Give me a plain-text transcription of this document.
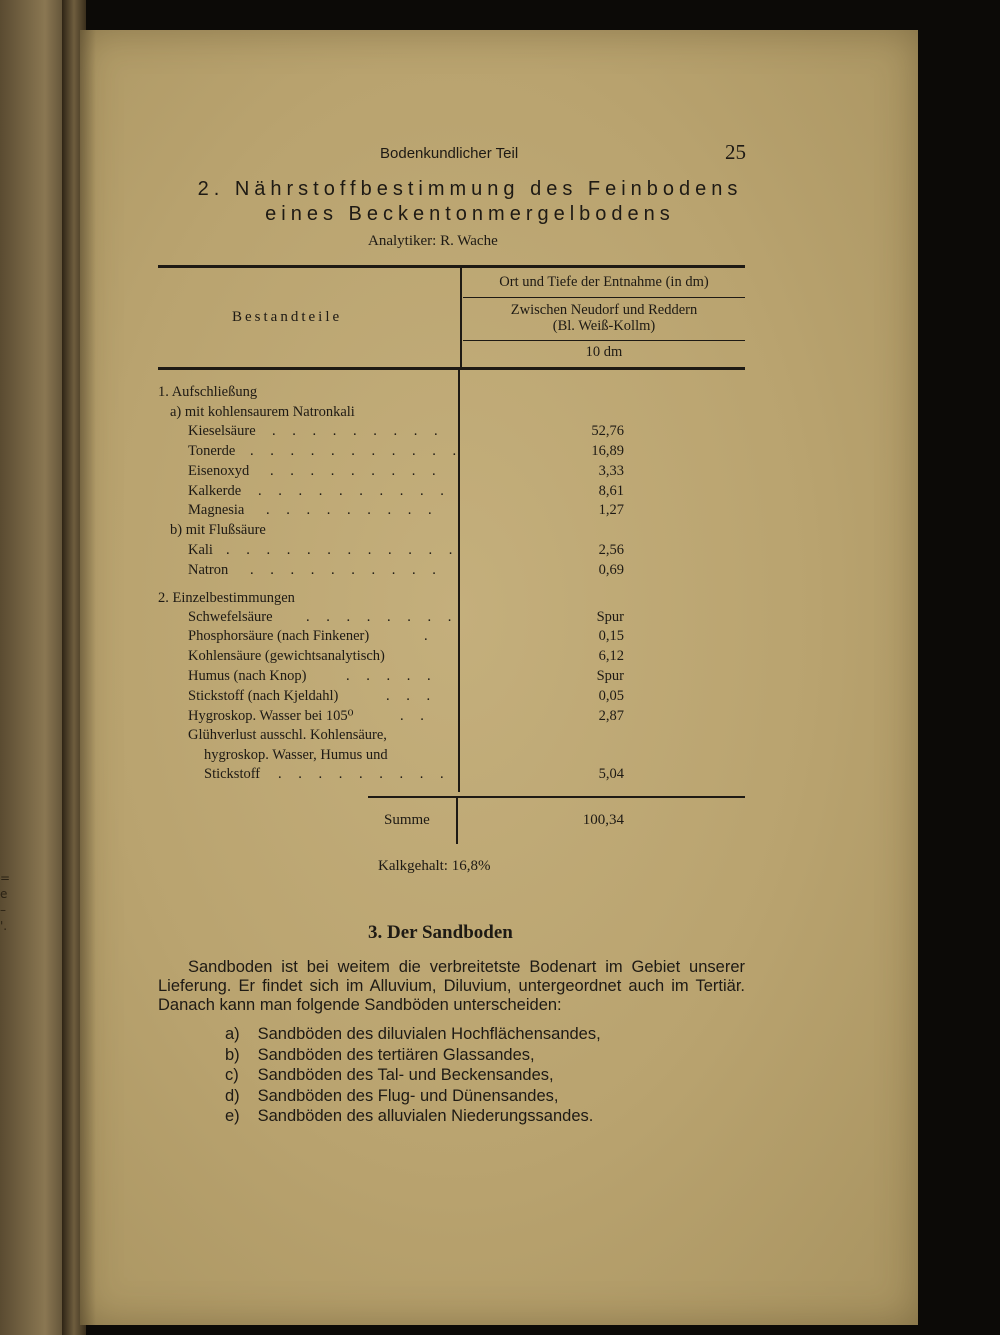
=
e
–
'.
Bodenkundlicher Teil	25
2. Nährstoffbestimmung des Feinbodens
eines Beckentonmergelbodens
Analytiker: R. Wache
Bestandteile
Ort und Tiefe der Entnahme (in dm)
Zwischen Neudorf und Reddern
(Bl. Weiß-Kollm)
10 dm
1. Aufschließung
a) mit kohlensaurem Natronkali
Kieselsäure . . . . . . . . .	52,76
Tonerde . . . . . . . . . . .	16,89
Eisenoxyd . . . . . . . . .	3,33
Kalkerde . . . . . . . . . .	8,61
Magnesia . . . . . . . . .	1,27
b) mit Flußsäure
Kali . . . . . . . . . . . .	2,56
Natron . . . . . . . . . .	0,69
2. Einzelbestimmungen
Schwefelsäure . . . . . . . .	Spur
Phosphorsäure (nach Finkener)	.	0,15
Kohlensäure (gewichtsanalytisch)	6,12
Humus (nach Knop)	. . . . .	Spur
Stickstoff (nach Kjeldahl)	. . .	0,05
Hygroskop. Wasser bei 105⁰	. .	2,87
Glühverlust ausschl. Kohlensäure,
hygroskop. Wasser, Humus und
Stickstoff . . . . . . . . .	5,04
Summe	100,34
Kalkgehalt: 16,8%
3. Der Sandboden
Sandboden ist bei weitem die verbreitetste Bodenart im Gebiet unserer Lieferung. Er findet sich im Alluvium, Diluvium, untergeordnet auch im Tertiär. Danach kann man folgende Sandböden unterscheiden:
a) Sandböden des diluvialen Hochflächensandes,
b) Sandböden des tertiären Glassandes,
c) Sandböden des Tal- und Beckensandes,
d) Sandböden des Flug- und Dünensandes,
e) Sandböden des alluvialen Niederungssandes.
